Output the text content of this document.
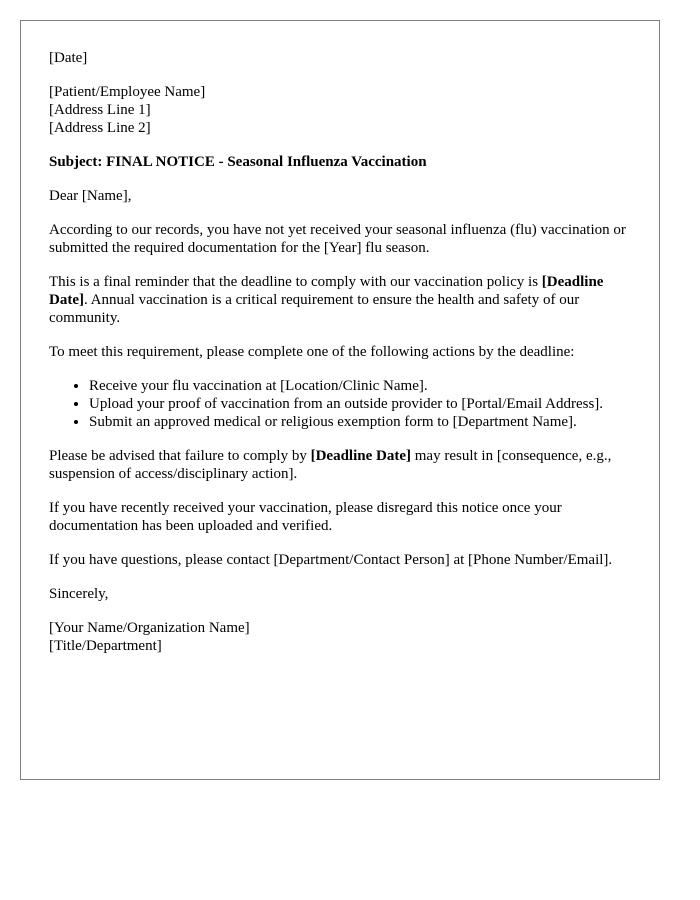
[Date]

[Patient/Employee Name]
[Address Line 1]
[Address Line 2]

Subject: FINAL NOTICE - Seasonal Influenza Vaccination

Dear [Name],

According to our records, you have not yet received your seasonal influenza (flu) vaccination or submitted the required documentation for the [Year] flu season.

This is a final reminder that the deadline to comply with our vaccination policy is [Deadline Date]. Annual vaccination is a critical requirement to ensure the health and safety of our community.

To meet this requirement, please complete one of the following actions by the deadline:

• Receive your flu vaccination at [Location/Clinic Name].
• Upload your proof of vaccination from an outside provider to [Portal/Email Address].
• Submit an approved medical or religious exemption form to [Department Name].

Please be advised that failure to comply by [Deadline Date] may result in [consequence, e.g., suspension of access/disciplinary action].

If you have recently received your vaccination, please disregard this notice once your documentation has been uploaded and verified.

If you have questions, please contact [Department/Contact Person] at [Phone Number/Email].

Sincerely,

[Your Name/Organization Name]
[Title/Department]
